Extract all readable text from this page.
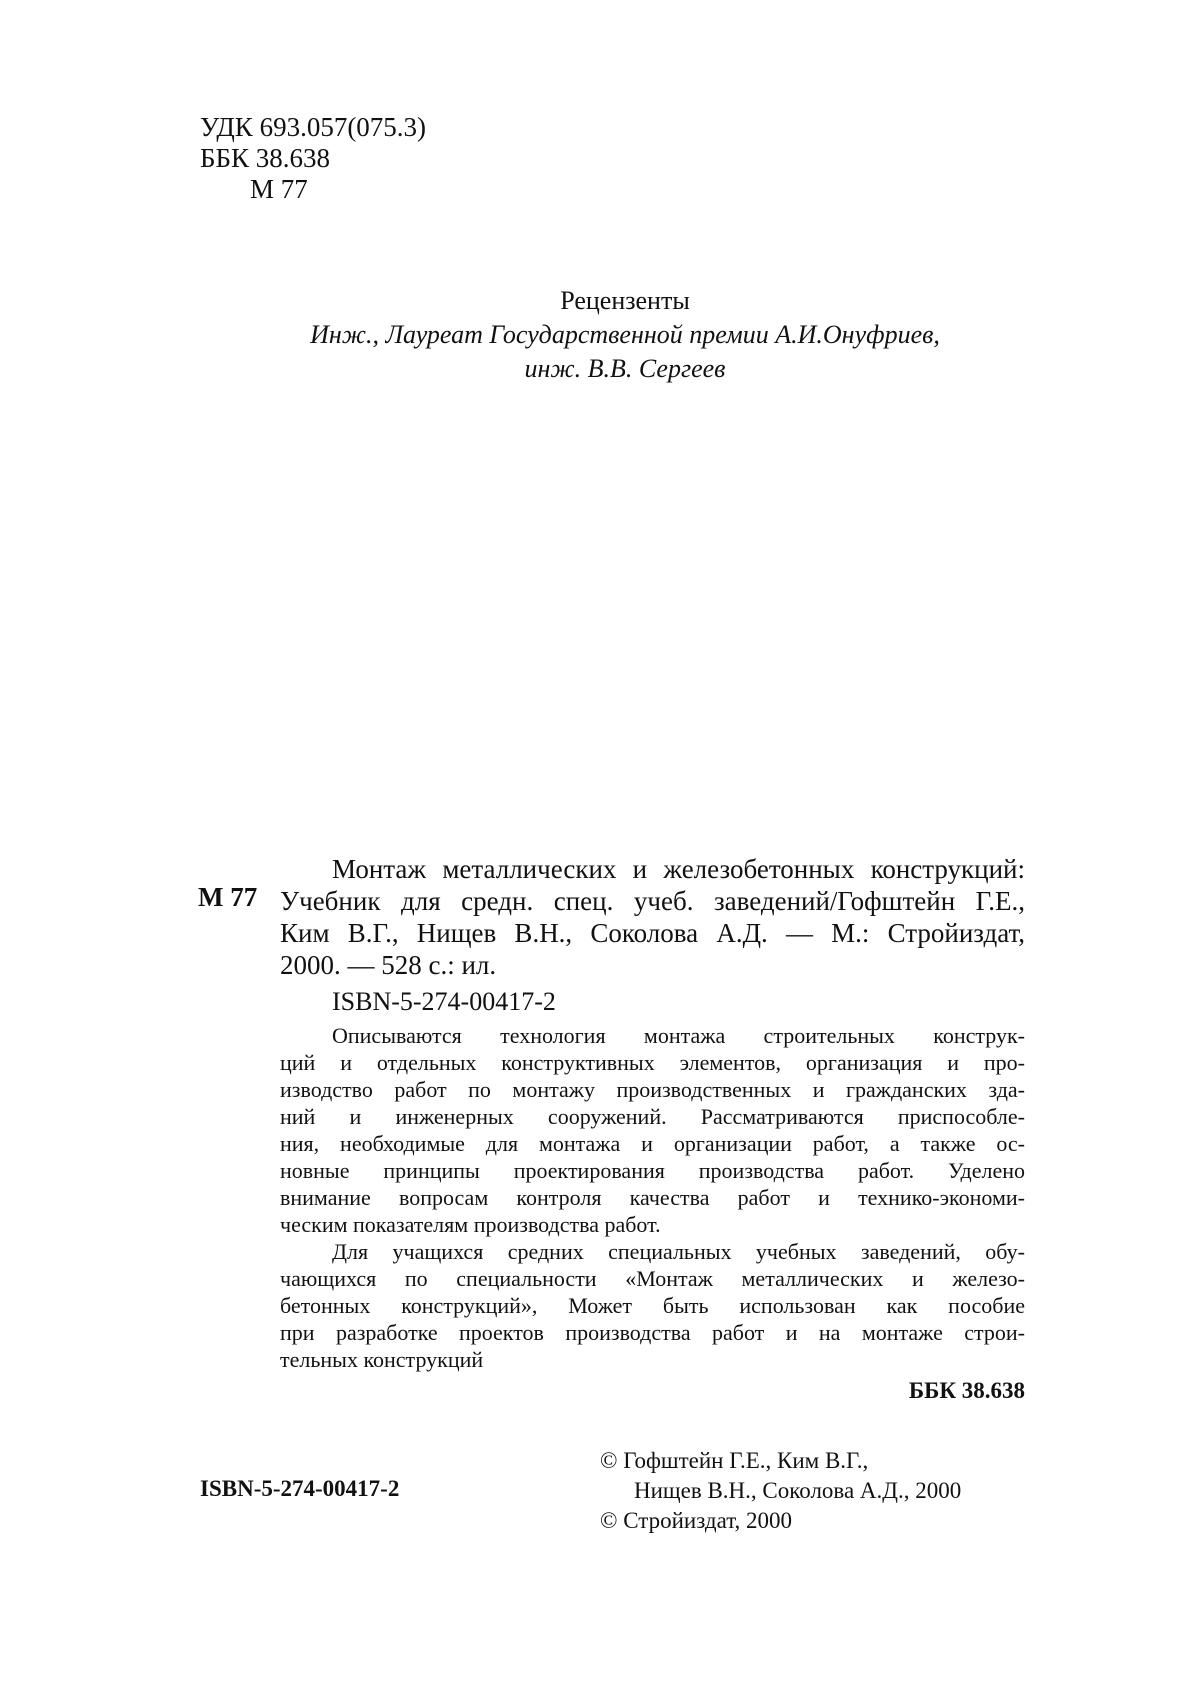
УДК 693.057(075.3)
ББК 38.638
М 77
Рецензенты
Инж., Лауреат Государственной премии А.И.Онуфриев,
инж. В.В. Сергеев
М 77
Монтаж металлических и железобетонных конструкций:
Учебник для средн. спец. учеб. заведений/Гофштейн Г.Е.,
Ким В.Г., Нищев В.Н., Соколова А.Д. — М.: Стройиздат,
2000. — 528 с.: ил.
ISBN-5-274-00417-2
Описываются технология монтажа строительных конструк-
ций и отдельных конструктивных элементов, организация и про-
изводство работ по монтажу производственных и гражданских зда-
ний и инженерных сооружений. Рассматриваются приспособле-
ния, необходимые для монтажа и организации работ, а также ос-
новные принципы проектирования производства работ. Уделено
внимание вопросам контроля качества работ и технико-экономи-
ческим показателям производства работ.
Для учащихся средних специальных учебных заведений, обу-
чающихся по специальности «Монтаж металлических и железо-
бетонных конструкций», Может быть использован как пособие
при разработке проектов производства работ и на монтаже строи-
тельных конструкций
ББК 38.638
ISBN-5-274-00417-2
© Гофштейн Г.Е., Ким В.Г.,
Нищев В.Н., Соколова А.Д., 2000
© Стройиздат, 2000
